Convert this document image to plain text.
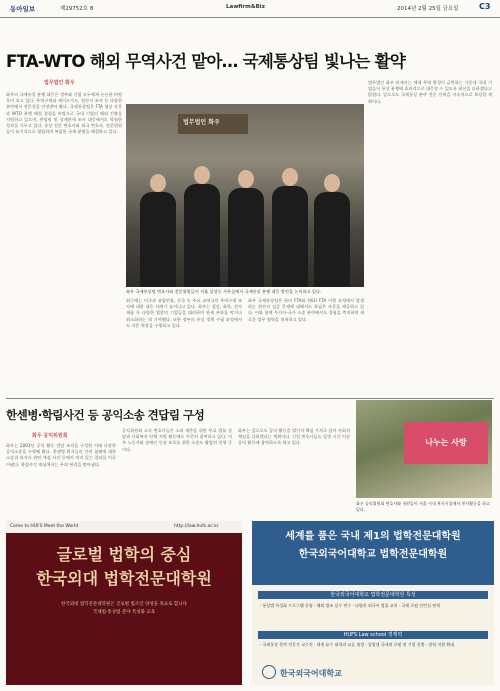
동아일보	제29752호 8	Lawfirm&Biz	2014년 2월 25일 금요일	C3
FTA-WTO 해외 무역사건 맡아… 국제통상팀 빛나는 활약
법무법인 화우
화우의 국제통상 분쟁 대응은 정부와 기업 모두에게 든든한 버팀목이 되고 있다. 무역구제와 세이프가드, 원산지 조사 등 다양한 분야에서 전문성을 인정받아 왔다. 국제통상팀은 FTA 협상 자문과 WTO 분쟁 해결 경험을 바탕으로 국내 기업의 해외 진출을 지원하고 있으며, 반덤핑 및 상계관세 조사 대응에서도 탁월한 성과를 거두고 있다. 통상 전문 변호사와 외국 변호사, 전문위원들이 유기적으로 협업하며 복잡한 국제 분쟁을 해결하고 있다.
법무법인 화우
법무법인 화우 관계자는 세계 무역 환경이 급변하는 가운데 국내 기업들이 통상 분쟁에 효과적으로 대응할 수 있도록 최선을 다하겠다고 밝혔다. 앞으로도 국제통상 분야 전문 인력을 지속적으로 보강할 계획이다.
화우 국제통상팀 변호사와 전문위원들이 서울 삼성동 사무실에서 국제통상 분쟁 대응 방안을 논의하고 있다.
최근에는 미국과 유럽연합, 중국 등 주요 교역국의 무역구제 조사에 대한 대응 사례가 늘어나고 있다. 화우는 철강, 화학, 전자 제품 등 다양한 업종의 기업들을 대리하며 관세 부과를 막거나 최소화하는 데 기여했다. 또한 정부의 통상 정책 수립 과정에서도 자문 역할을 수행하고 있다.
화우 국제통상팀은 한미 FTA와 한EU FTA 이행 과정에서 발생하는 원산지 검증 문제에 대해서도 폭넓은 자문을 제공하고 있다. 이와 함께 투자자-국가 소송 분야에서도 경험을 축적하며 새로운 업무 영역을 개척하고 있다.
한센병·학림사건 등 공익소송 견답림 구성
화우 공익위원회
화우는 2001년 공익 활동 전담 조직을 구성한 이래 다양한 공익소송을 수행해 왔다. 한센병 환자들의 인권 침해에 대한 소송과 과거사 관련 재심 사건 등에서 의미 있는 결과를 이끌어냈다. 학림사건 재심에서는 무죄 판결을 받아냈다.
공익위원회 소속 변호사들은 소외 계층을 위한 무료 법률 상담과 사회복지 단체 지원 활동에도 꾸준히 참여하고 있다. 이주 노동자와 장애인 인권 보호를 위한 소송도 활발히 진행 중이다.
화우는 앞으로도 공익 활동을 법인의 핵심 가치로 삼아 사회적 책임을 다하겠다는 계획이다. 신입 변호사들도 일정 시간 이상 공익 활동에 참여하도록 하고 있다.	나누는 사랑
화우 공익위원회 변호사와 직원들이 서울 시내 복지시설에서 봉사활동을 하고 있다.
Come to HUFS Meet the World	http://law.hufs.ac.kr
글로벌 법학의 중심
한국외대 법학전문대학원
한국외대 법학전문대학원은 글로벌 법조인 양성을 목표로 합니다
국제법·통상법 분야 특성화 교육
세계를 품은 국내 제1의 법학전문대학원
한국외국어대학교 법학전문대학원
한국외국어대학교 법학전문대학원 특성
· 통상법 특성화 프로그램 운영 · 해외 법조 실무 연수 · 다양한 외국어 법률 교육 · 국제 로펌 인턴십 연계
HUFS Law school 경쟁력
· 국제통상 분야 전문가 교수진 · 세계 유수 대학과 교류 협정 · 졸업생 국내외 로펌 및 기업 진출 · 장학 지원 확대
한국외국어대학교
